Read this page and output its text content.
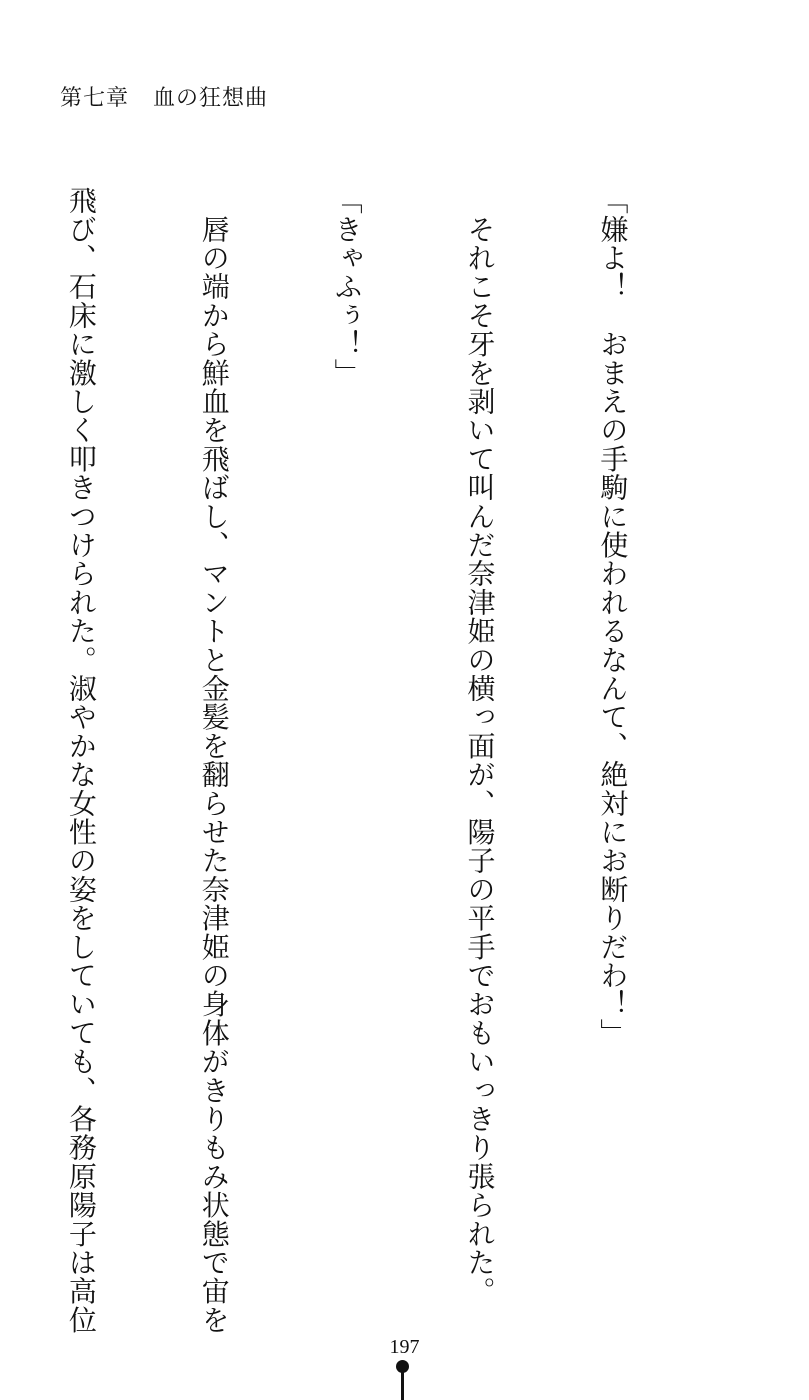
第七章 血の狂想曲

「嫌よ！　おまえの手駒に使われるなんて、絶対にお断りだわ！」

　それこそ牙を剥いて叫んだ奈津姫の横っ面が、陽子の平手でおもいっきり張られた。

「きゃふぅ！」

　唇の端から鮮血を飛ばし、マントと金髪を翻らせた奈津姫の身体がきりもみ状態で宙を

飛び、石床に激しく叩きつけられた。淑やかな女性の姿をしていても、各務原陽子は高位

197
